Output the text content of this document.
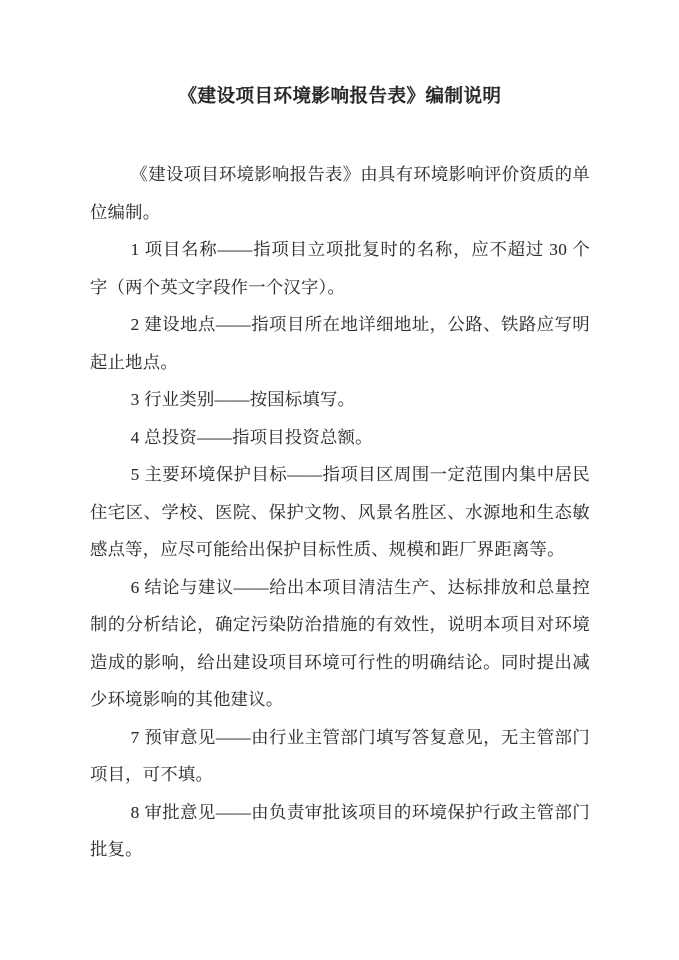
《建设项目环境影响报告表》编制说明

《建设项目环境影响报告表》由具有环境影响评价资质的单位编制。

1 项目名称——指项目立项批复时的名称，应不超过 30 个字（两个英文字段作一个汉字）。

2 建设地点——指项目所在地详细地址，公路、铁路应写明起止地点。

3 行业类别——按国标填写。

4 总投资——指项目投资总额。

5 主要环境保护目标——指项目区周围一定范围内集中居民住宅区、学校、医院、保护文物、风景名胜区、水源地和生态敏感点等，应尽可能给出保护目标性质、规模和距厂界距离等。

6 结论与建议——给出本项目清洁生产、达标排放和总量控制的分析结论，确定污染防治措施的有效性，说明本项目对环境造成的影响，给出建设项目环境可行性的明确结论。同时提出减少环境影响的其他建议。

7 预审意见——由行业主管部门填写答复意见，无主管部门项目，可不填。

8 审批意见——由负责审批该项目的环境保护行政主管部门批复。
